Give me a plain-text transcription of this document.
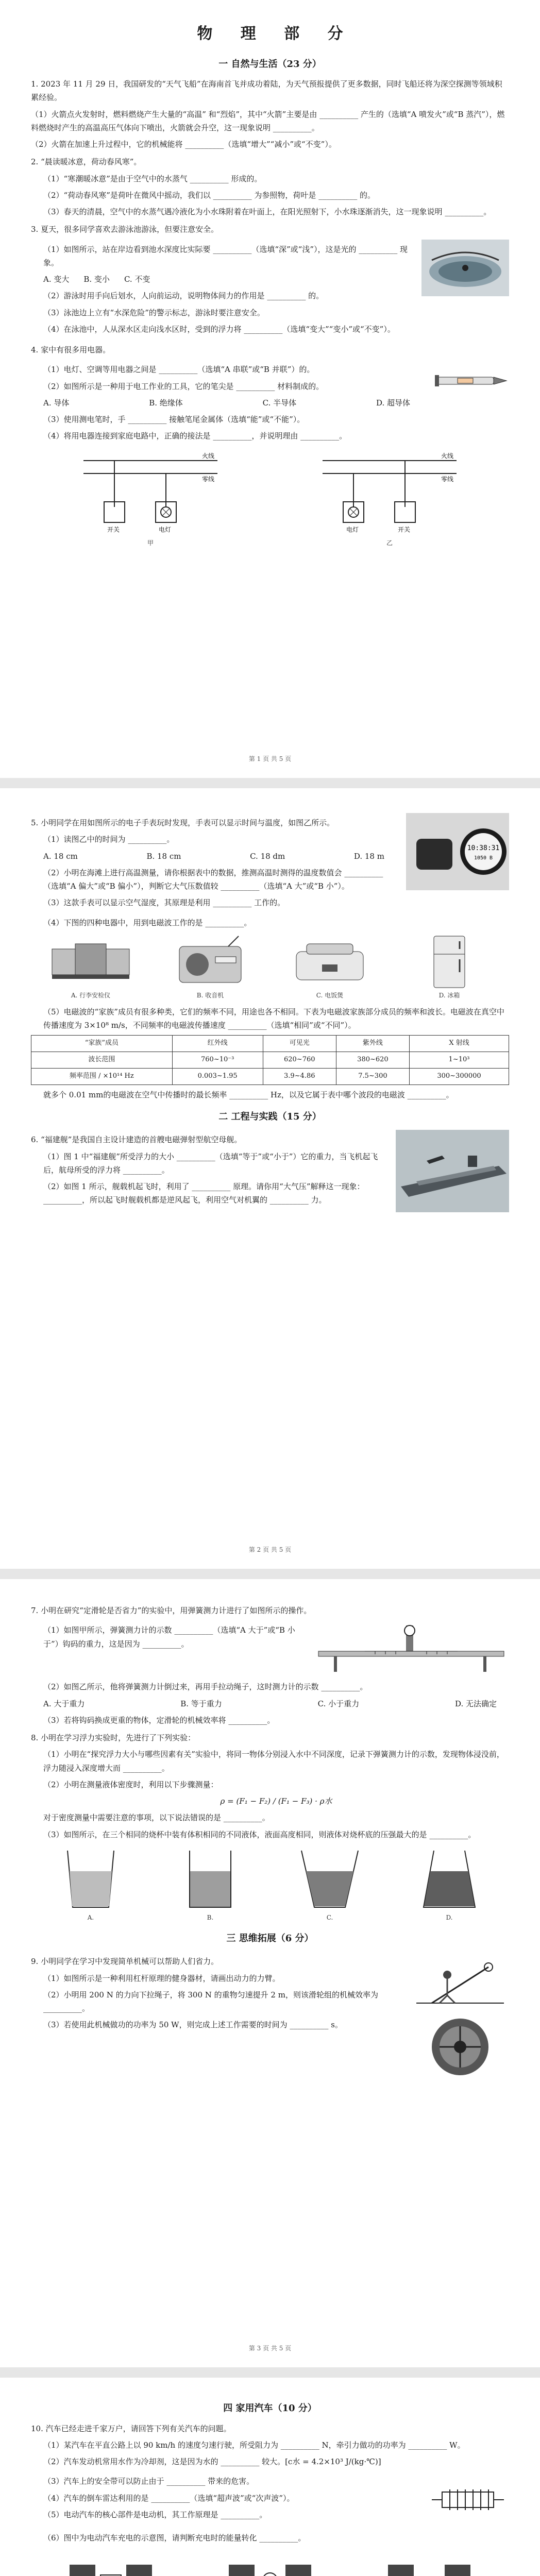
物 理 部 分
一 自然与生活（23 分）

1. 2023 年 11 月 29 日，我国研发的“天气飞船”在海南首飞并成功着陆，为天气预报提供了更多数据，同时飞船还将为深空探测等领域积累经验。

（1）火箭点火发射时，燃料燃烧产生大量的“高温” 和“烈焰”，其中“火箭”主要是由 __________ 产生的（选填“A 喷发火”或“B 蒸汽”），燃料燃烧时产生的高温高压气体向下喷出，火箭就会升空，这一现象说明 __________。

（2）火箭在加速上升过程中，它的机械能将 __________（选填“增大”“减小”或“不变”）。

2. “晨读暖冰意，荷动春风寒”。

（1）“寒潮暖冰意”是由于空气中的水蒸气 __________ 形成的。

（2）“荷动春风寒”是荷叶在微风中摇动，我们以 __________ 为参照物，荷叶是 __________ 的。

（3）春天的清晨，空气中的水蒸气遇冷液化为小水珠附着在叶面上，在阳光照射下，小水珠逐渐消失，这一现象说明 __________。

3. 夏天，很多同学喜欢去游泳池游泳，但要注意安全。

（1）如图所示，站在岸边看到池水深度比实际要 __________（选填“深”或“浅”），这是光的 __________ 现象。

A. 变大 B. 变小 C. 不变

（2）游泳时用手向后划水，人向前运动，说明物体间力的作用是 __________ 的。

（3）泳池边上立有“水深危险”的警示标志，游泳时要注意安全。

（4）在泳池中，人从深水区走向浅水区时，受到的浮力将 __________（选填“变大”“变小”或“不变”）。

4. 家中有很多用电器。

（1）电灯、空调等用电器之间是 __________（选填“A 串联”或“B 并联”）的。

（2）如图所示是一种用于电工作业的工具，它的笔尖是 __________ 材料制成的。

A. 导体	B. 绝缘体	C. 半导体	D. 超导体

（3）使用测电笔时，手 __________ 接触笔尾金属体（选填“能”或“不能”）。

（4）将用电器连接到家庭电路中，正确的接法是 __________，并说明理由 __________。

火线
零线
开关	电灯
甲
火线
零线
电灯	开关
乙
第 1 页 共 5 页

5. 小明同学在用如图所示的电子手表玩时发现，手表可以显示时间与温度，如图乙所示。

（1）读图乙中的时间为 __________。

A. 18 cm	B. 18 cm	C. 18 dm	D. 18 m

（2）小明在海滩上进行高温测量，请你根据表中的数据，推测高温时测得的温度数值会 __________（选填“A 偏大”或“B 偏小”），判断它大气压数值较 __________（选填“A 大”或“B 小”）。

（3）这款手表可以显示空气湿度，其原理是利用 __________ 工作的。

10:38:31
1050 B

（4）下图的四种电器中，用到电磁波工作的是 __________。

A. 行李安检仪	B. 收音机	C. 电饭煲	D. 冰箱

（5）电磁波的“家族”成员有很多种类，它们的频率不同，用途也各不相同。下表为电磁波家族部分成员的频率和波长。电磁波在真空中传播速度为 3×10⁸ m/s，不同频率的电磁波传播速度 __________（选填“相同”或“不同”）。

“家族”成员	红外线	可见光	紫外线	X 射线
波长范围	760~10⁻³	620~760	380~620	1~10³
频率范围 / ×10¹⁴ Hz	0.003~1.95	3.9~4.86	7.5~300	300~300000

就多个 0.01 mm的电磁波在空气中传播时的最长频率 __________ Hz，以及它属于表中哪个波段的电磁波 __________。

二 工程与实践（15 分）

6. “福建舰”是我国自主设计建造的首艘电磁弹射型航空母舰。

（1）图 1 中“福建舰”所受浮力的大小 __________（选填“等于”或“小于”）它的重力，当飞机起飞后，航母所受的浮力将 __________。

（2）如图 1 所示，舰载机起飞时，利用了 __________ 原理。请你用“大气压”解释这一现象：__________，所以起飞时舰载机都是逆风起飞，利用空气对机翼的 __________ 力。

第 2 页 共 5 页

7. 小明在研究“定滑轮是否省力”的实验中，用弹簧测力计进行了如图所示的操作。

（1）如图甲所示，弹簧测力计的示数 __________（选填“A 大于”或“B 小于”）钩码的重力，这是因为 __________。

（2）如图乙所示，他将弹簧测力计倒过来，再用手拉动绳子，这时测力计的示数 __________。

A. 大于重力	B. 等于重力	C. 小于重力	D. 无法确定

（3）若将钩码换成更重的物体，定滑轮的机械效率将 __________。

8. 小明在学习浮力实验时，先进行了下列实验：

（1）小明在“探究浮力大小与哪些因素有关”实验中，将同一物体分别浸入水中不同深度，记录下弹簧测力计的示数，发现物体浸没前，浮力随浸入深度增大而 __________。

（2）小明在测量液体密度时，利用以下步骤测量：

ρ = (F₁ − F₂) / (F₁ − F₃) · ρ水

对于密度测量中需要注意的事项，以下说法错误的是 __________。

（3）如图所示，在三个相同的烧杯中装有体积相同的不同液体，液面高度相同，则液体对烧杯底的压强最大的是 __________。

A.	B.	C.	D.
三 思维拓展（6 分）

9. 小明同学在学习中发现简单机械可以帮助人们省力。

（1）如图所示是一种利用杠杆原理的健身器材，请画出动力的力臂。

（2）小明用 200 N 的力向下拉绳子，将 300 N 的重物匀速提升 2 m，则该滑轮组的机械效率为 __________。

（3）若使用此机械做功的功率为 50 W，则完成上述工作需要的时间为 __________ s。

第 3 页 共 5 页
四 家用汽车（10 分）

10. 汽车已经走进千家万户，请回答下列有关汽车的问题。

（1）某汽车在平直公路上以 90 km/h 的速度匀速行驶，所受阻力为 __________ N，牵引力做功的功率为 __________ W。

（2）汽车发动机常用水作为冷却剂，这是因为水的 __________ 较大。[c水 = 4.2×10³ J/(kg·℃)]

（3）汽车上的安全带可以防止由于 __________ 带来的危害。

（4）汽车的倒车雷达利用的是 __________（选填“超声波”或“次声波”）。

（5）电动汽车的核心部件是电动机，其工作原理是 __________。

（6）图中为电动汽车充电的示意图，请判断充电时的能量转化 __________。
